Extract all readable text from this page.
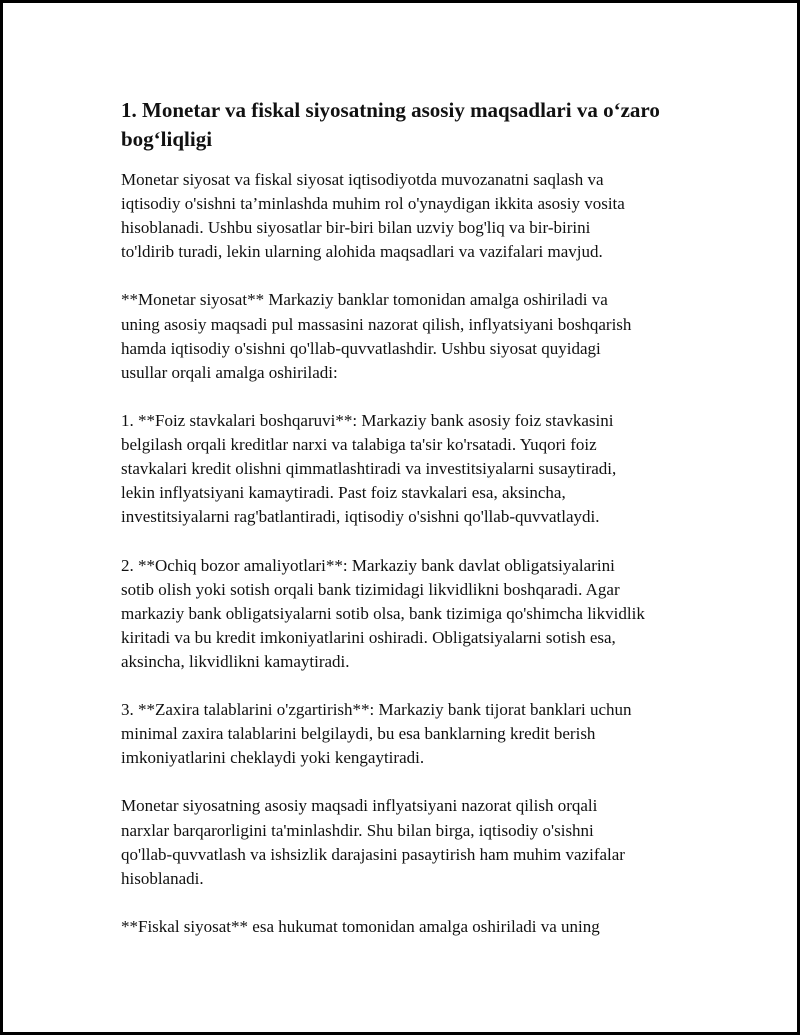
1. Monetar va fiskal siyosatning asosiy maqsadlari va o‘zaro
bog‘liqligi

Monetar siyosat va fiskal siyosat iqtisodiyotda muvozanatni saqlash va
iqtisodiy o'sishni ta’minlashda muhim rol o'ynaydigan ikkita asosiy vosita
hisoblanadi. Ushbu siyosatlar bir-biri bilan uzviy bog'liq va bir-birini
to'ldirib turadi, lekin ularning alohida maqsadlari va vazifalari mavjud.

**Monetar siyosat** Markaziy banklar tomonidan amalga oshiriladi va
uning asosiy maqsadi pul massasini nazorat qilish, inflyatsiyani boshqarish
hamda iqtisodiy o'sishni qo'llab-quvvatlashdir. Ushbu siyosat quyidagi
usullar orqali amalga oshiriladi:

1. **Foiz stavkalari boshqaruvi**: Markaziy bank asosiy foiz stavkasini
belgilash orqali kreditlar narxi va talabiga ta'sir ko'rsatadi. Yuqori foiz
stavkalari kredit olishni qimmatlashtiradi va investitsiyalarni susaytiradi,
lekin inflyatsiyani kamaytiradi. Past foiz stavkalari esa, aksincha,
investitsiyalarni rag'batlantiradi, iqtisodiy o'sishni qo'llab-quvvatlaydi.

2. **Ochiq bozor amaliyotlari**: Markaziy bank davlat obligatsiyalarini
sotib olish yoki sotish orqali bank tizimidagi likvidlikni boshqaradi. Agar
markaziy bank obligatsiyalarni sotib olsa, bank tizimiga qo'shimcha likvidlik
kiritadi va bu kredit imkoniyatlarini oshiradi. Obligatsiyalarni sotish esa,
aksincha, likvidlikni kamaytiradi.

3. **Zaxira talablarini o'zgartirish**: Markaziy bank tijorat banklari uchun
minimal zaxira talablarini belgilaydi, bu esa banklarning kredit berish
imkoniyatlarini cheklaydi yoki kengaytiradi.

Monetar siyosatning asosiy maqsadi inflyatsiyani nazorat qilish orqali
narxlar barqarorligini ta'minlashdir. Shu bilan birga, iqtisodiy o'sishni
qo'llab-quvvatlash va ishsizlik darajasini pasaytirish ham muhim vazifalar
hisoblanadi.

**Fiskal siyosat** esa hukumat tomonidan amalga oshiriladi va uning
